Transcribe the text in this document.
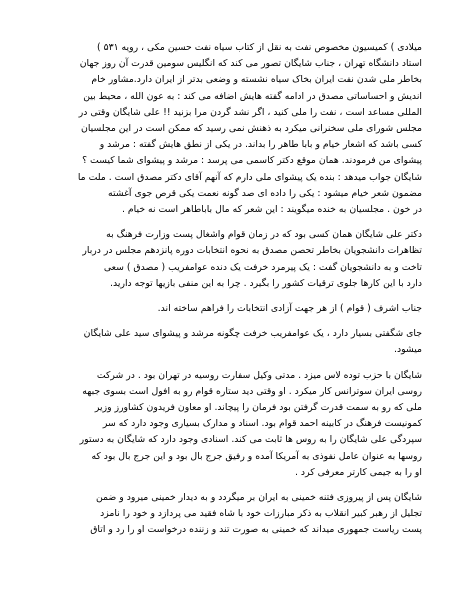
میلادی ) کمیسیون مخصوص نفت به نقل از کتاب سیاه نفت حسین مکی ، رویه ۵۳۱ )
استاد دانشگاه تهران ، جناب شایگان تصور می کند که انگلیس سومین قدرت آن روز جهان
بخاطر ملی شدن نفت ایران بخاک سیاه نشسته و وضعی بدتر از ایران دارد.مشاور خام
اندیش و احساساتی مصدق در ادامه گفته هایش اضافه می کند : به عون الله ، محیط بین
المللی مساعد است ، نفت را ملی کنید ، اگر نشد گردن مرا بزنید !! علی شایگان وقتی در
مجلس شورای ملی سخنرانی میکرد به ذهنش نمی رسید که ممکن است در این مجلسیان
کسی باشد که اشعار خیام و بابا طاهر را بداند. در یکی از نطق هایش گفته : مرشد و
پیشوای من فرمودند. همان موقع دکتر کاسمی می پرسد : مرشد و پیشوای شما کیست ؟
شایگان جواب میدهد : بنده یک پیشوای ملی دارم که آنهم آقای دکتر مصدق است . ملت ما
مضمون شعر خیام میشود : یکی را داده ای صد گونه نعمت یکی قرص جوی آغشته
در خون . مجلسیان به خنده میگویند : این شعر که مال باباطاهر است نه خیام .

دکتر علی شایگان همان کسی بود که در زمان قوام واشغال پست وزارت فرهنگ به
تظاهرات دانشجویان بخاطر تحصن مصدق به نحوه انتخابات دوره پانزدهم مجلس در دربار
تاخت و به دانشجویان گفت : یک پیرمرد خرفت یک دنده عوامفریب ( مصدق ) سعی
دارد با این کارها جلوی ترقیات کشور را بگیرد . چرا به این منفی بازیها توجه دارید.

جناب اشرف ( قوام ) از هر جهت آزادی انتخابات را فراهم ساخته اند.

جای شگفتی بسیار دارد ، یک عوامفریب خرفت چگونه مرشد و پیشوای سید علی شایگان
میشود.

شایگان با حزب توده لاس میزد . مدتی وکیل سفارت روسیه در تهران بود . در شرکت
روسی ایران سوترانس کار میکرد . او وقتی دید ستاره قوام رو به افول است بسوی جبهه
ملی که رو به سمت قدرت گرفتن بود فرمان را پیچاند. او معاون فریدون کشاورز وزیر
کمونیست فرهنگ در کابینه احمد قوام بود. اسناد و مدارک بسیاری وجود دارد که سر
سپردگی علی شایگان را به روس ها ثابت می کند. اسنادی وجود دارد که شایگان به دستور
روسها به عنوان عامل نفوذی به آمریکا آمده و رفیق جرج بال بود و این جرج بال بود که
او را به جیمی کارتر معرفی کرد .

شایگان پس از پیروزی فتنه خمینی به ایران بر میگردد و به دیدار خمینی میرود و ضمن
تجلیل از رهبر کبیر انقلاب به ذکر مبارزات خود با شاه فقید می پردازد و خود را نامزد
پست ریاست جمهوری میداند که خمینی به صورت تند و زننده درخواست او را رد و اتاق
